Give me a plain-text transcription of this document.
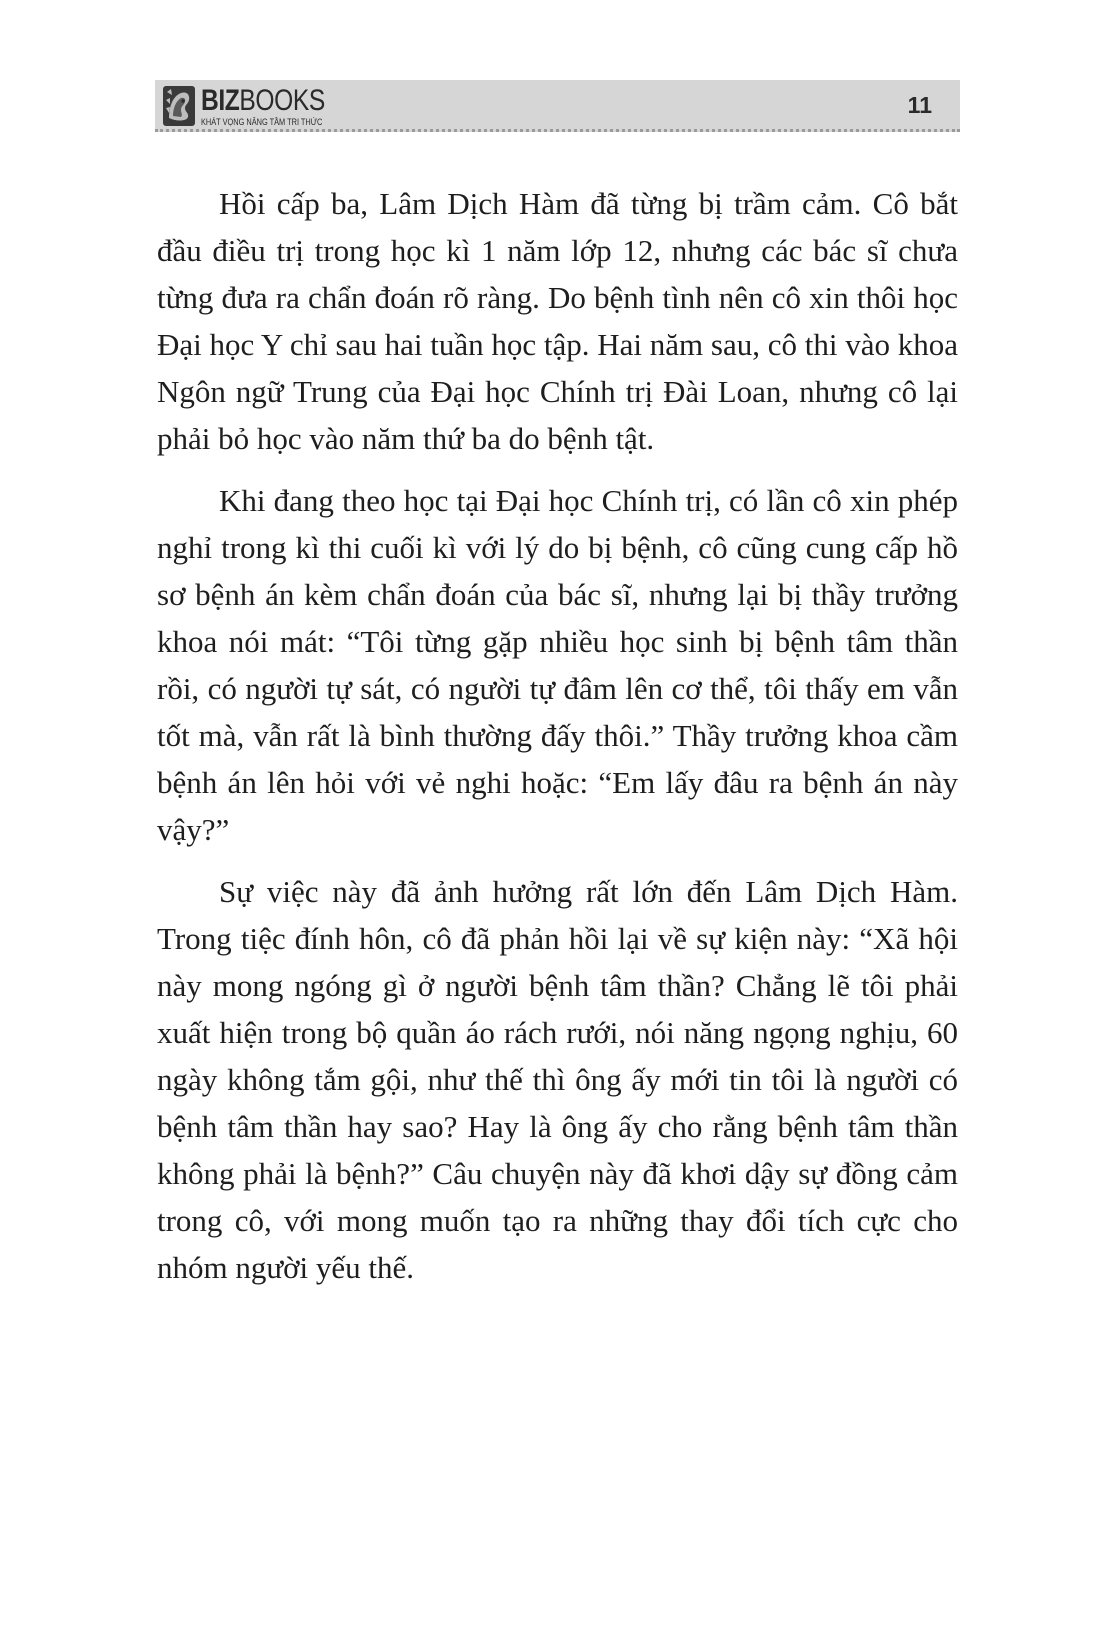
BIZBOOKS
KHÁT VỌNG NÂNG TẦM TRI THỨC
11

Hồi cấp ba, Lâm Dịch Hàm đã từng bị trầm cảm. Cô bắt đầu điều trị trong học kì 1 năm lớp 12, nhưng các bác sĩ chưa từng đưa ra chẩn đoán rõ ràng. Do bệnh tình nên cô xin thôi học Đại học Y chỉ sau hai tuần học tập. Hai năm sau, cô thi vào khoa Ngôn ngữ Trung của Đại học Chính trị Đài Loan, nhưng cô lại phải bỏ học vào năm thứ ba do bệnh tật.

Khi đang theo học tại Đại học Chính trị, có lần cô xin phép nghỉ trong kì thi cuối kì với lý do bị bệnh, cô cũng cung cấp hồ sơ bệnh án kèm chẩn đoán của bác sĩ, nhưng lại bị thầy trưởng khoa nói mát: “Tôi từng gặp nhiều học sinh bị bệnh tâm thần rồi, có người tự sát, có người tự đâm lên cơ thể, tôi thấy em vẫn tốt mà, vẫn rất là bình thường đấy thôi.” Thầy trưởng khoa cầm bệnh án lên hỏi với vẻ nghi hoặc: “Em lấy đâu ra bệnh án này vậy?”

Sự việc này đã ảnh hưởng rất lớn đến Lâm Dịch Hàm. Trong tiệc đính hôn, cô đã phản hồi lại về sự kiện này: “Xã hội này mong ngóng gì ở người bệnh tâm thần? Chẳng lẽ tôi phải xuất hiện trong bộ quần áo rách rưới, nói năng ngọng nghịu, 60 ngày không tắm gội, như thế thì ông ấy mới tin tôi là người có bệnh tâm thần hay sao? Hay là ông ấy cho rằng bệnh tâm thần không phải là bệnh?” Câu chuyện này đã khơi dậy sự đồng cảm trong cô, với mong muốn tạo ra những thay đổi tích cực cho nhóm người yếu thế.
